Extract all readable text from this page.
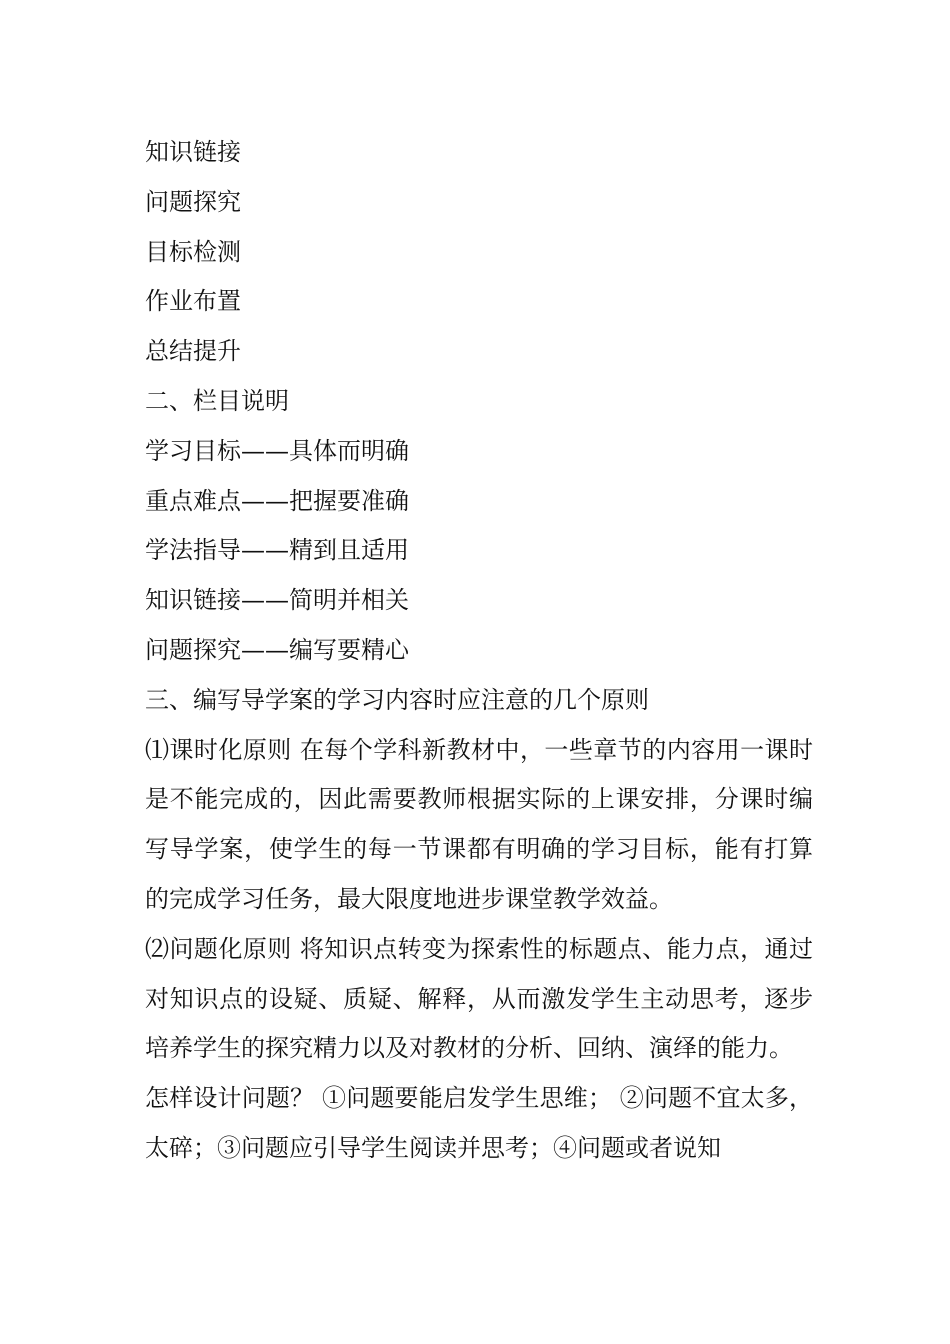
知识链接

问题探究

目标检测

作业布置

总结提升

二、栏目说明

学习目标——具体而明确

重点难点——把握要准确

学法指导——精到且适用

知识链接——简明并相关

问题探究——编写要精心

三、编写导学案的学习内容时应注意的几个原则

⑴课时化原则 在每个学科新教材中，一些章节的内容用一课时是不能完成的，因此需要教师根据实际的上课安排，分课时编写导学案，使学生的每一节课都有明确的学习目标，能有打算的完成学习任务，最大限度地进步课堂教学效益。

⑵问题化原则 将知识点转变为探索性的标题点、能力点，通过对知识点的设疑、质疑、解释，从而激发学生主动思考，逐步培养学生的探究精力以及对教材的分析、回纳、演绎的能力。

怎样设计问题？ ①问题要能启发学生思维； ②问题不宜太多，太碎；③问题应引导学生阅读并思考；④问题或者说知
